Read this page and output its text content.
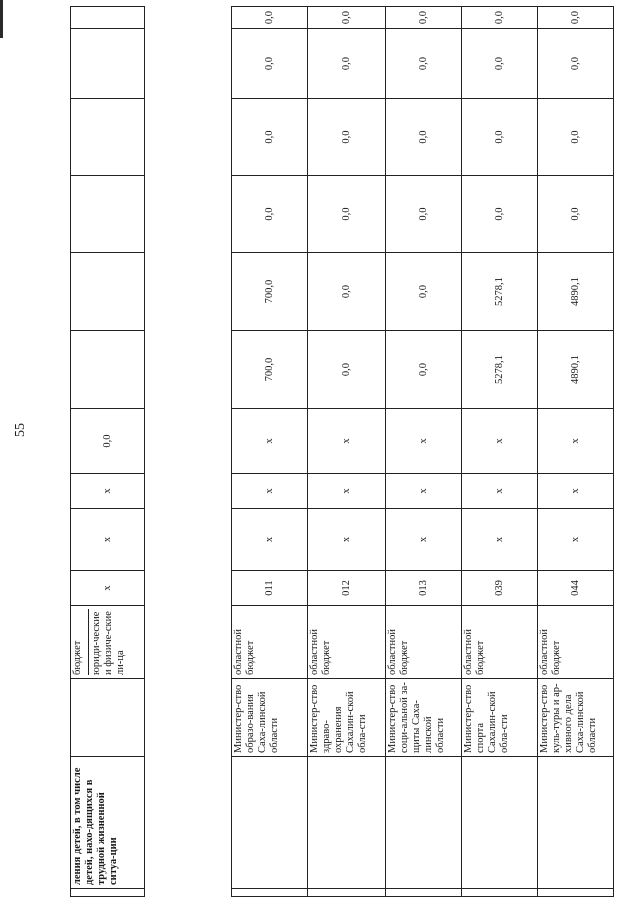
55
	ления детей, в том числе детей, нахо-дящихся в трудной жизненной ситуа-ции		бюджет юриди-ческие и физиче-ские ли-ца	x	x	x	0,0						

		Министер-ство образо-вания Саха-линской области	областной бюджет	011	x	x	x	700,0	700,0	0,0	0,0	0,0	0,0
		Министер-ство здраво-охранения Сахалин-ской обла-сти	областной бюджет	012	x	x	x	0,0	0,0	0,0	0,0	0,0	0,0
		Министер-ство соци-альной за-щиты Саха-линской области	областной бюджет	013	x	x	x	0,0	0,0	0,0	0,0	0,0	0,0
		Министер-ство спорта Сахалин-ской обла-сти	областной бюджет	039	x	x	x	5278,1	5278,1	0,0	0,0	0,0	0,0
		Министер-ство куль-туры и ар-хивного дела Саха-линской области	областной бюджет	044	x	x	x	4890,1	4890,1	0,0	0,0	0,0	0,0
